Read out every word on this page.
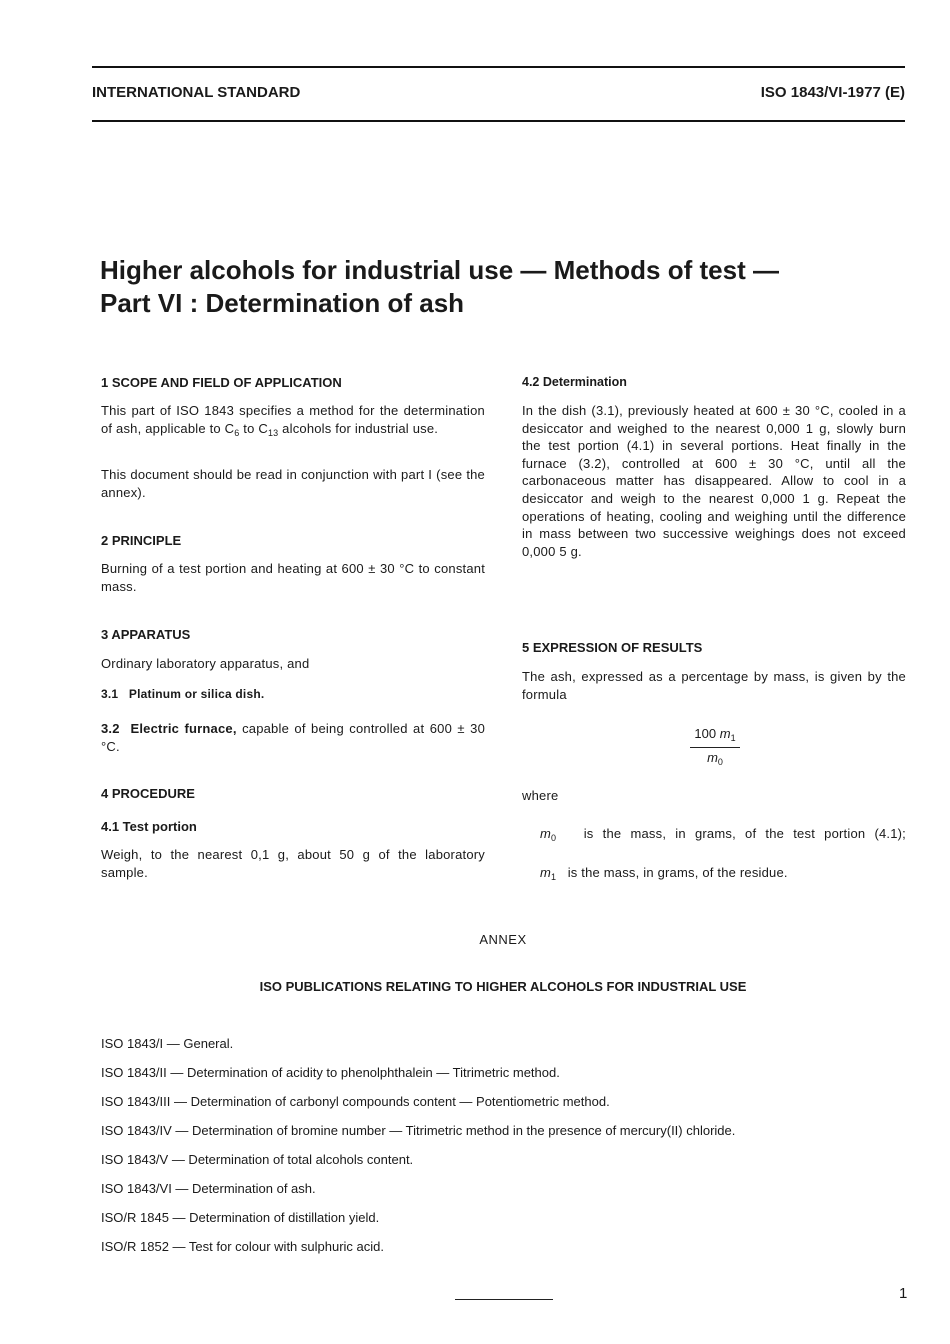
INTERNATIONAL STANDARD	ISO 1843/VI-1977 (E)
Higher alcohols for industrial use — Methods of test —
Part VI : Determination of ash
1 SCOPE AND FIELD OF APPLICATION
This part of ISO 1843 specifies a method for the determination of ash, applicable to $C_6$ to $C_{13}$ alcohols for industrial use.
This document should be read in conjunction with part I (see the annex).
2 PRINCIPLE
Burning of a test portion and heating at 600 ± 30 °C to constant mass.
3 APPARATUS
Ordinary laboratory apparatus, and
3.1 Platinum or silica dish.
3.2 Electric furnace, capable of being controlled at 600 ± 30 °C.
4 PROCEDURE
4.1 Test portion
Weigh, to the nearest 0,1 g, about 50 g of the laboratory sample.
4.2 Determination
In the dish (3.1), previously heated at 600 ± 30 °C, cooled in a desiccator and weighed to the nearest 0,000 1 g, slowly burn the test portion (4.1) in several portions. Heat finally in the furnace (3.2), controlled at 600 ± 30 °C, until all the carbonaceous matter has disappeared. Allow to cool in a desiccator and weigh to the nearest 0,000 1 g. Repeat the operations of heating, cooling and weighing until the difference in mass between two successive weighings does not exceed 0,000 5 g.
5 EXPRESSION OF RESULTS
The ash, expressed as a percentage by mass, is given by the formula
100 $m_1$
$m_0$
where
$m_0$ is the mass, in grams, of the test portion (4.1);
$m_1$ is the mass, in grams, of the residue.
ANNEX
ISO PUBLICATIONS RELATING TO HIGHER ALCOHOLS FOR INDUSTRIAL USE
ISO 1843/I — General.
ISO 1843/II — Determination of acidity to phenolphthalein — Titrimetric method.
ISO 1843/III — Determination of carbonyl compounds content — Potentiometric method.
ISO 1843/IV — Determination of bromine number — Titrimetric method in the presence of mercury(II) chloride.
ISO 1843/V — Determination of total alcohols content.
ISO 1843/VI — Determination of ash.
ISO/R 1845 — Determination of distillation yield.
ISO/R 1852 — Test for colour with sulphuric acid.
1
